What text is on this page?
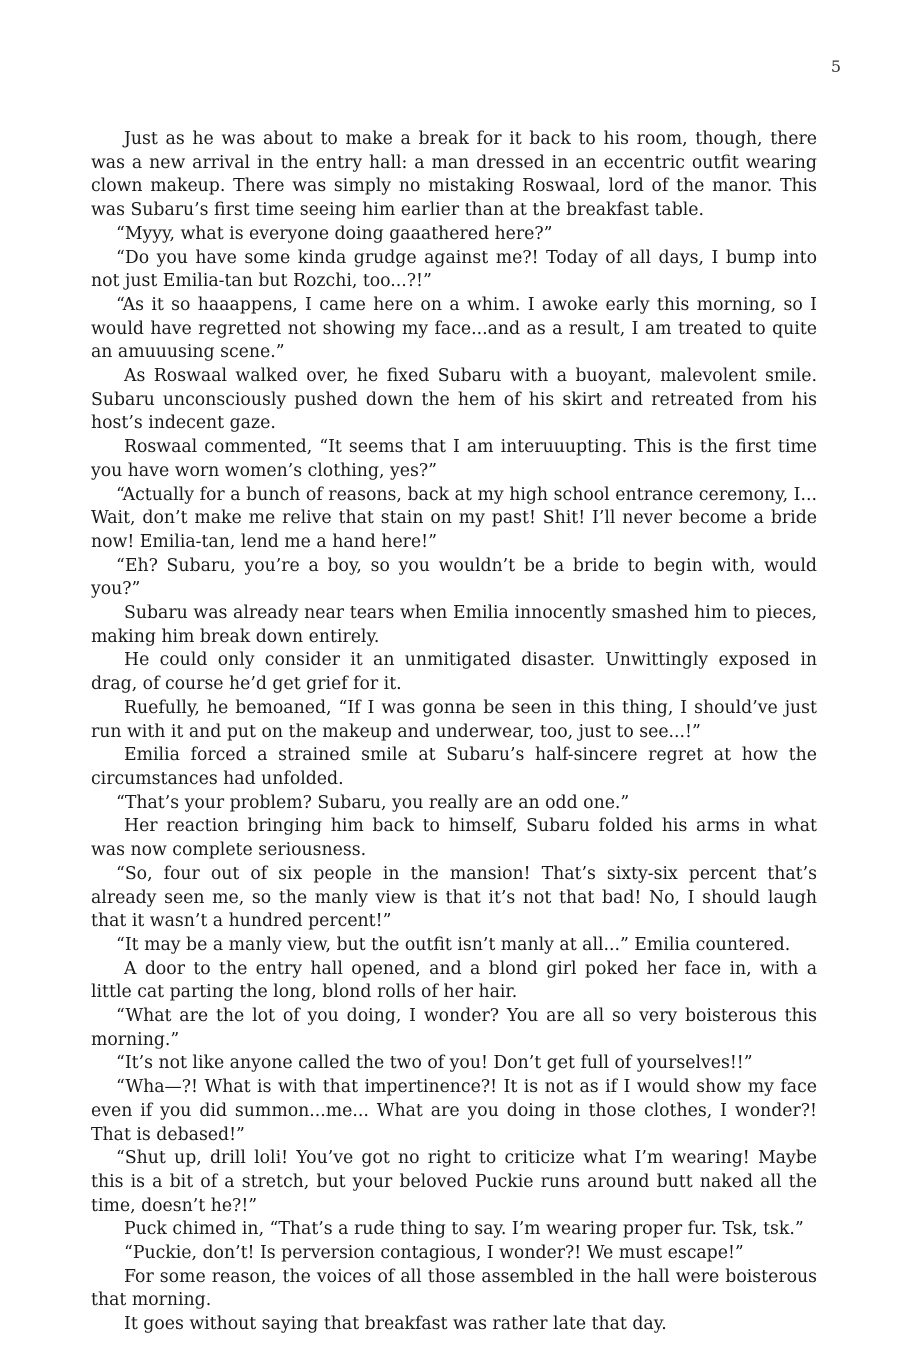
5

Just as he was about to make a break for it back to his room, though, there was a new arrival in the entry hall: a man dressed in an eccentric outfit wearing clown makeup. There was simply no mistaking Roswaal, lord of the manor. This was Subaru’s first time seeing him earlier than at the breakfast table.

“Myyy, what is everyone doing gaaathered here?”

“Do you have some kinda grudge against me?! Today of all days, I bump into not just Emilia-tan but Rozchi, too...?!”

“As it so haaappens, I came here on a whim. I awoke early this morning, so I would have regretted not showing my face...and as a result, I am treated to quite an amuuusing scene.”

As Roswaal walked over, he fixed Subaru with a buoyant, malevolent smile. Subaru unconsciously pushed down the hem of his skirt and retreated from his host’s indecent gaze.

Roswaal commented, “It seems that I am interuuupting. This is the first time you have worn women’s clothing, yes?”

“Actually for a bunch of reasons, back at my high school entrance ceremony, I... Wait, don’t make me relive that stain on my past! Shit! I’ll never become a bride now! Emilia-tan, lend me a hand here!”

“Eh? Subaru, you’re a boy, so you wouldn’t be a bride to begin with, would you?”

Subaru was already near tears when Emilia innocently smashed him to pieces, making him break down entirely.

He could only consider it an unmitigated disaster. Unwittingly exposed in drag, of course he’d get grief for it.

Ruefully, he bemoaned, “If I was gonna be seen in this thing, I should’ve just run with it and put on the makeup and underwear, too, just to see...!”

Emilia forced a strained smile at Subaru’s half-sincere regret at how the circumstances had unfolded.

“That’s your problem? Subaru, you really are an odd one.”

Her reaction bringing him back to himself, Subaru folded his arms in what was now complete seriousness.

“So, four out of six people in the mansion! That’s sixty-six percent that’s already seen me, so the manly view is that it’s not that bad! No, I should laugh that it wasn’t a hundred percent!”

“It may be a manly view, but the outfit isn’t manly at all...” Emilia countered.

A door to the entry hall opened, and a blond girl poked her face in, with a little cat parting the long, blond rolls of her hair.

“What are the lot of you doing, I wonder? You are all so very boisterous this morning.”

“It’s not like anyone called the two of you! Don’t get full of yourselves!!”

“Wha—?! What is with that impertinence?! It is not as if I would show my face even if you did summon...me... What are you doing in those clothes, I wonder?! That is debased!”

“Shut up, drill loli! You’ve got no right to criticize what I’m wearing! Maybe this is a bit of a stretch, but your beloved Puckie runs around butt naked all the time, doesn’t he?!”

Puck chimed in, “That’s a rude thing to say. I’m wearing proper fur. Tsk, tsk.”

“Puckie, don’t! Is perversion contagious, I wonder?! We must escape!”

For some reason, the voices of all those assembled in the hall were boisterous that morning.

It goes without saying that breakfast was rather late that day.
